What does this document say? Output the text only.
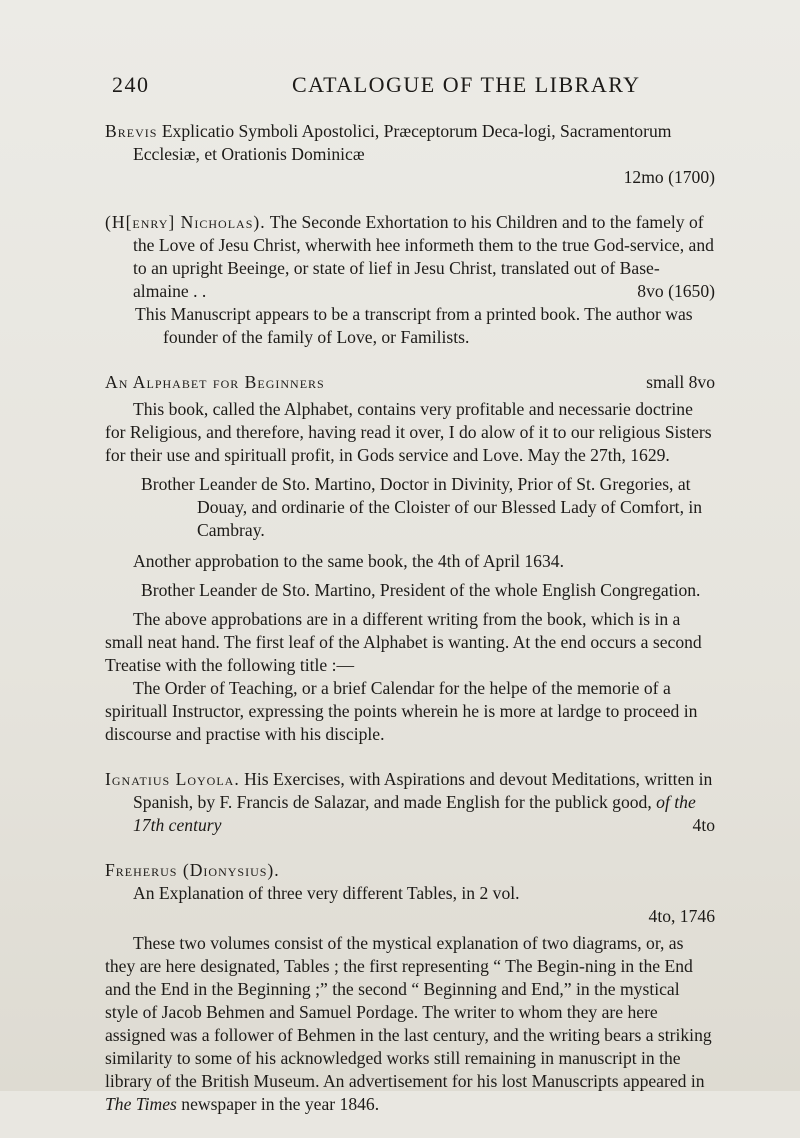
240	CATALOGUE OF THE LIBRARY

Brevis Explicatio Symboli Apostolici, Præceptorum Deca-logi, Sacramentorum Ecclesiæ, et Orationis Dominicæ

12mo (1700)

(H[enry] Nicholas). The Seconde Exhortation to his Children and to the famely of the Love of Jesu Christ, wherwith hee informeth them to the true God-service, and to an upright Beeinge, or state of lief in Jesu Christ, translated out of Base-almaine . .	8vo (1650)

This Manuscript appears to be a transcript from a printed book. The author was founder of the family of Love, or Familists.

An Alphabet for Beginners	small 8vo

This book, called the Alphabet, contains very profitable and necessarie doctrine for Religious, and therefore, having read it over, I do alow of it to our religious Sisters for their use and spirituall profit, in Gods service and Love. May the 27th, 1629.

Brother Leander de Sto. Martino, Doctor in Divinity, Prior of St. Gregories, at Douay, and ordinarie of the Cloister of our Blessed Lady of Comfort, in Cambray.

Another approbation to the same book, the 4th of April 1634.

Brother Leander de Sto. Martino, President of the whole English Congregation.

The above approbations are in a different writing from the book, which is in a small neat hand. The first leaf of the Alphabet is wanting. At the end occurs a second Treatise with the following title :—

The Order of Teaching, or a brief Calendar for the helpe of the memorie of a spirituall Instructor, expressing the points wherein he is more at lardge to proceed in discourse and practise with his disciple.

Ignatius Loyola. His Exercises, with Aspirations and devout Meditations, written in Spanish, by F. Francis de Salazar, and made English for the publick good, of the 17th century	4to

Freherus (Dionysius).

An Explanation of three very different Tables, in 2 vol.

4to, 1746

These two volumes consist of the mystical explanation of two diagrams, or, as they are here designated, Tables ; the first representing “ The Begin-ning in the End and the End in the Beginning ;” the second “ Beginning and End,” in the mystical style of Jacob Behmen and Samuel Pordage. The writer to whom they are here assigned was a follower of Behmen in the last century, and the writing bears a striking similarity to some of his acknowledged works still remaining in manuscript in the library of the British Museum. An advertisement for his lost Manuscripts appeared in The Times newspaper in the year 1846.
